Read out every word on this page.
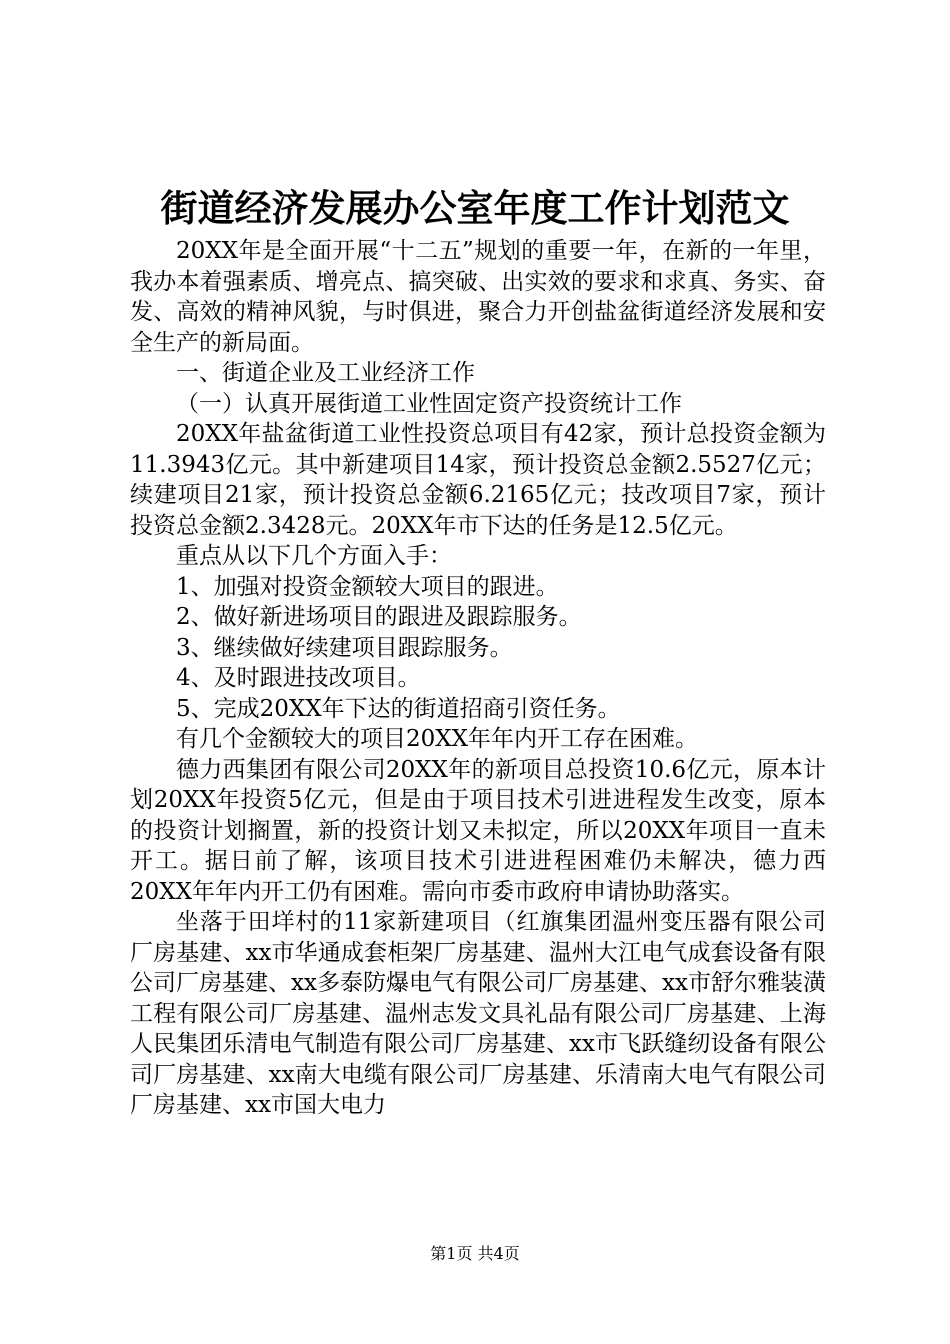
街道经济发展办公室年度工作计划范文

20XX年是全面开展“十二五”规划的重要一年，在新的一年里，我办本着强素质、增亮点、搞突破、出实效的要求和求真、务实、奋发、高效的精神风貌，与时俱进，聚合力开创盐盆街道经济发展和安全生产的新局面。

一、街道企业及工业经济工作

（一）认真开展街道工业性固定资产投资统计工作

20XX年盐盆街道工业性投资总项目有42家，预计总投资金额为11.3943亿元。其中新建项目14家，预计投资总金额2.5527亿元；续建项目21家，预计投资总金额6.2165亿元；技改项目7家，预计投资总金额2.3428元。20XX年市下达的任务是12.5亿元。

重点从以下几个方面入手：

1、加强对投资金额较大项目的跟进。

2、做好新进场项目的跟进及跟踪服务。

3、继续做好续建项目跟踪服务。

4、及时跟进技改项目。

5、完成20XX年下达的街道招商引资任务。

有几个金额较大的项目20XX年年内开工存在困难。

德力西集团有限公司20XX年的新项目总投资10.6亿元，原本计划20XX年投资5亿元，但是由于项目技术引进进程发生改变，原本的投资计划搁置，新的投资计划又未拟定，所以20XX年项目一直未开工。据日前了解，该项目技术引进进程困难仍未解决，德力西20XX年年内开工仍有困难。需向市委市政府申请协助落实。

坐落于田垟村的11家新建项目（红旗集团温州变压器有限公司厂房基建、xx市华通成套柜架厂房基建、温州大江电气成套设备有限公司厂房基建、xx多泰防爆电气有限公司厂房基建、xx市舒尔雅装潢工程有限公司厂房基建、温州志发文具礼品有限公司厂房基建、上海人民集团乐清电气制造有限公司厂房基建、xx市飞跃缝纫设备有限公司厂房基建、xx南大电缆有限公司厂房基建、乐清南大电气有限公司厂房基建、xx市国大电力

第1页 共4页
